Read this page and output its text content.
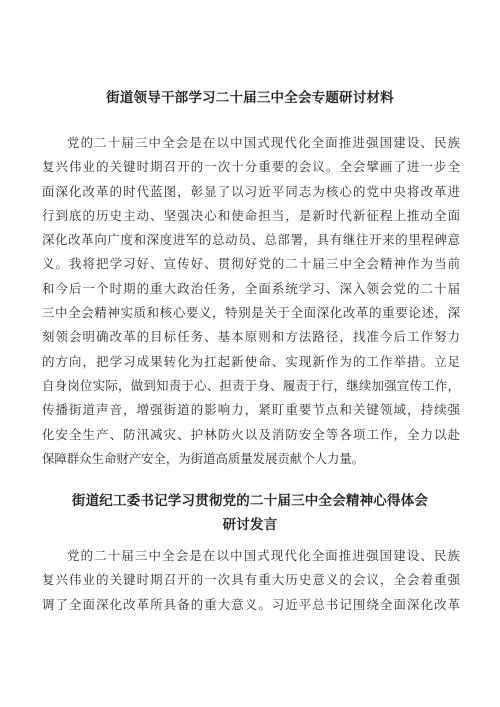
街道领导干部学习二十届三中全会专题研讨材料
党的二十届三中全会是在以中国式现代化全面推进强国建设、民族
复兴伟业的关键时期召开的一次十分重要的会议。全会擘画了进一步全
面深化改革的时代蓝图，彰显了以习近平同志为核心的党中央将改革进
行到底的历史主动、坚强决心和使命担当，是新时代新征程上推动全面
深化改革向广度和深度进军的总动员、总部署，具有继往开来的里程碑意
义。我将把学习好、宣传好、贯彻好党的二十届三中全会精神作为当前
和今后一个时期的重大政治任务，全面系统学习、深入领会党的二十届
三中全会精神实质和核心要义，特别是关于全面深化改革的重要论述，深
刻领会明确改革的目标任务、基本原则和方法路径，找准今后工作努力
的方向，把学习成果转化为扛起新使命、实现新作为的工作举措。立足
自身岗位实际，做到知责于心、担责于身、履责于行，继续加强宣传工作，
传播街道声音，增强街道的影响力，紧盯重要节点和关键领域，持续强
化安全生产、防汛减灾、护林防火以及消防安全等各项工作，全力以赴
保障群众生命财产安全，为街道高质量发展贡献个人力量。
街道纪工委书记学习贯彻党的二十届三中全会精神心得体会
研讨发言
党的二十届三中全会是在以中国式现代化全面推进强国建设、民族
复兴伟业的关键时期召开的一次具有重大历史意义的会议，全会着重强
调了全面深化改革所具备的重大意义。习近平总书记围绕全面深化改革
